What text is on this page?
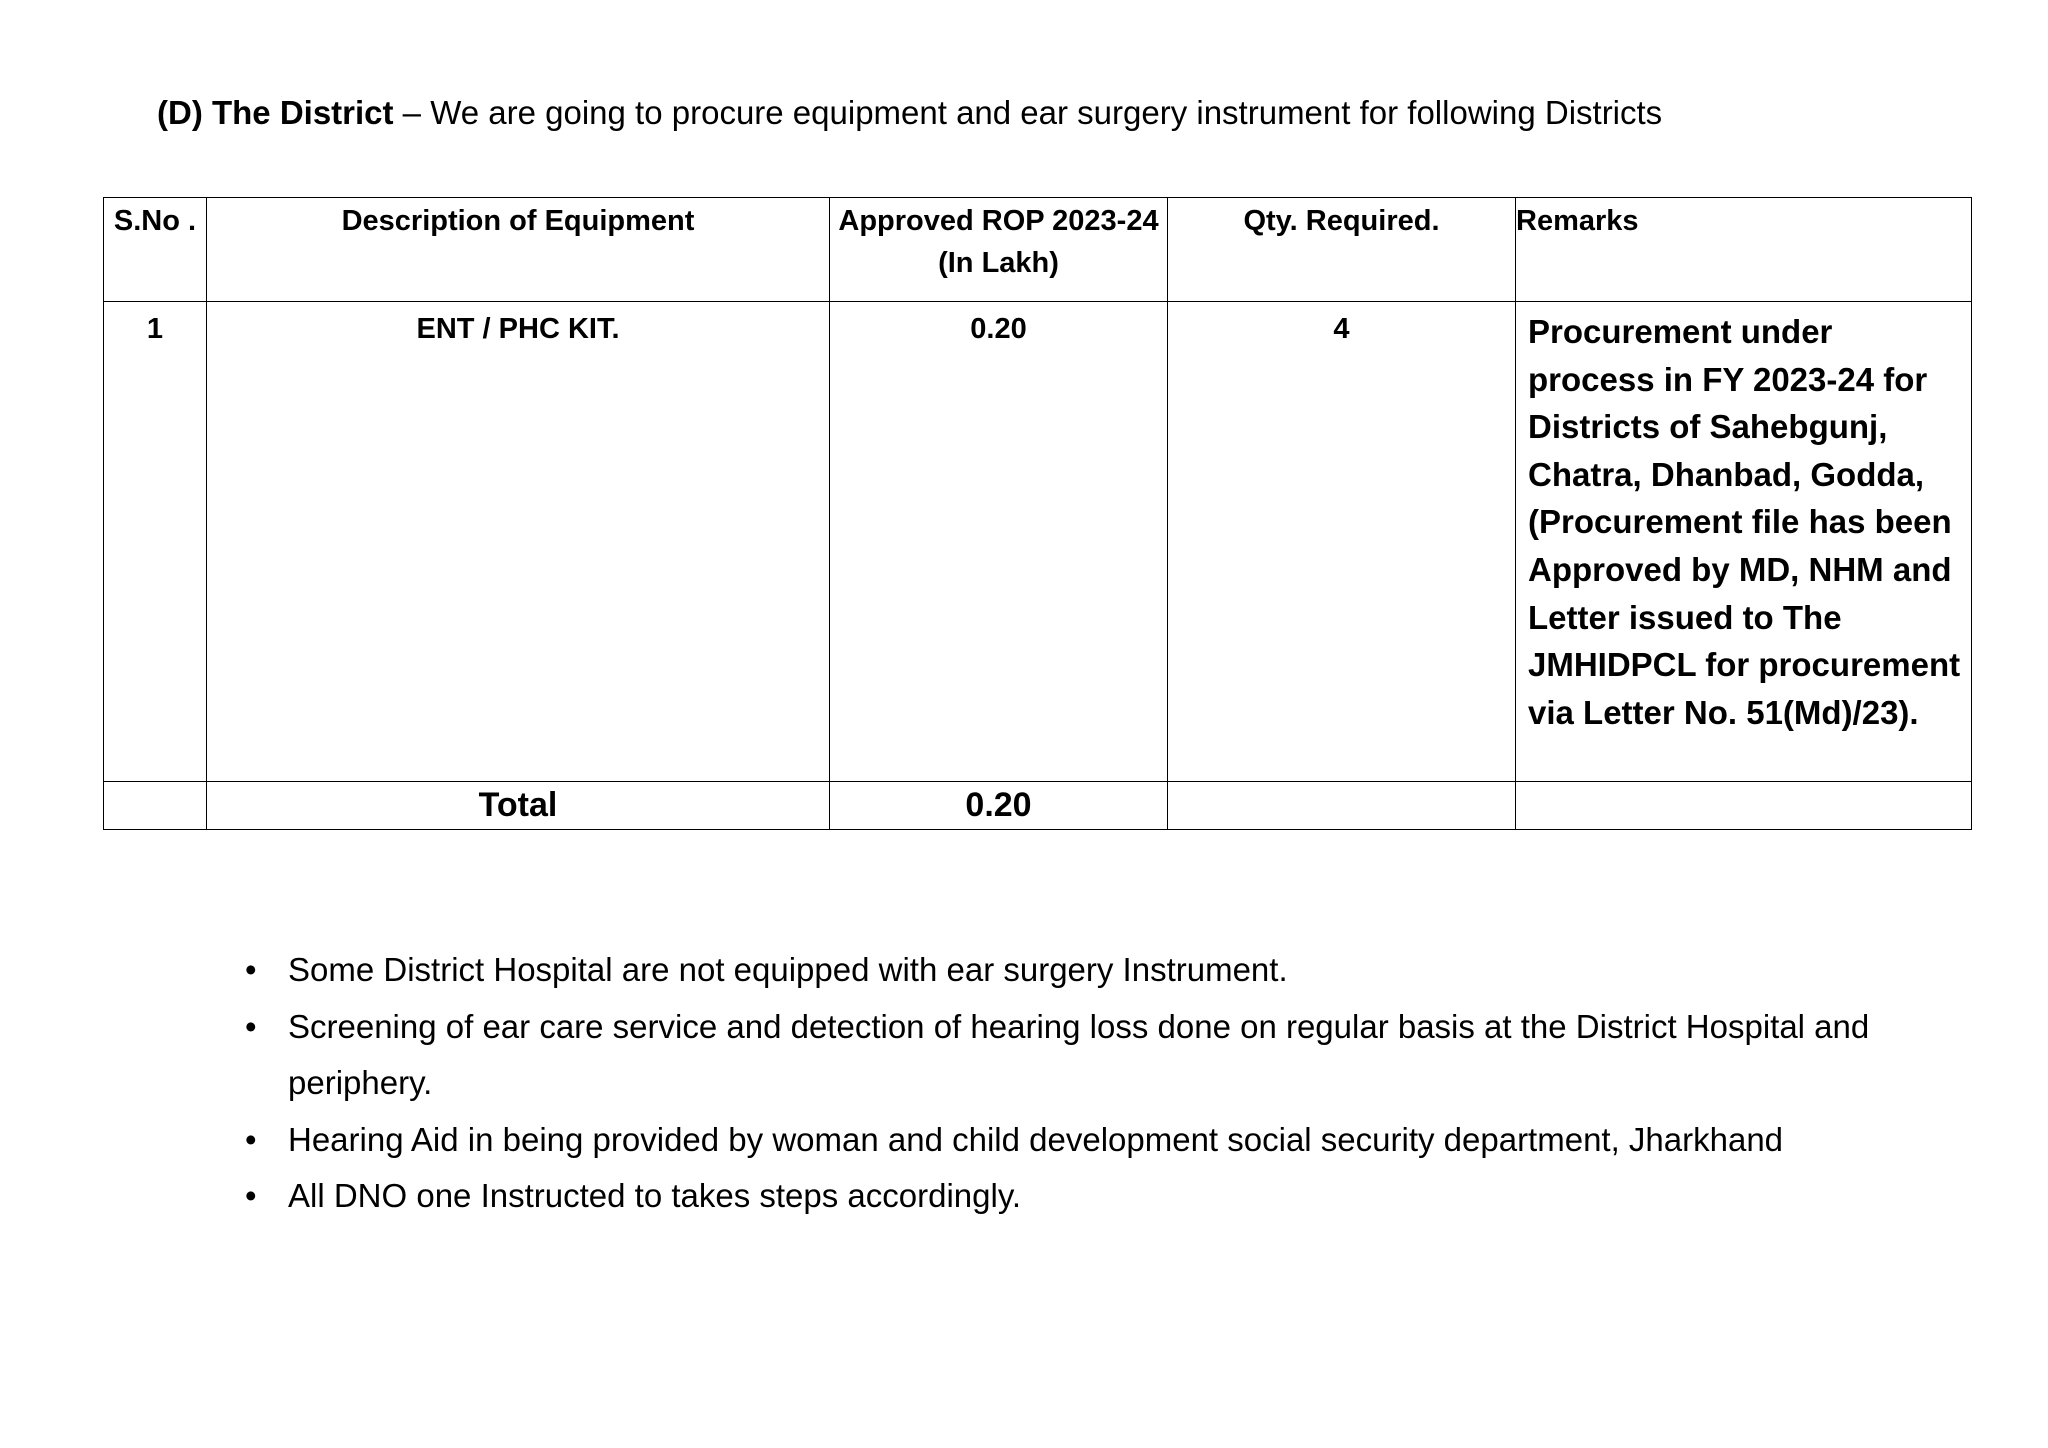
(D) The District – We are going to procure equipment and ear surgery instrument for following Districts
S.No .	Description of Equipment	Approved ROP 2023-24 (In Lakh)	Qty. Required.	Remarks
1	ENT / PHC KIT.	0.20	4	Procurement under process in FY 2023-24 for Districts of Sahebgunj, Chatra, Dhanbad, Godda, (Procurement file has been Approved by MD, NHM and Letter issued to The JMHIDPCL for procurement via Letter No. 51(Md)/23).
	Total	0.20		
• Some District Hospital are not equipped with ear surgery Instrument.
• Screening of ear care service and detection of hearing loss done on regular basis at the District Hospital and periphery.
• Hearing Aid in being provided by woman and child development social security department, Jharkhand
• All DNO one Instructed to takes steps accordingly.
